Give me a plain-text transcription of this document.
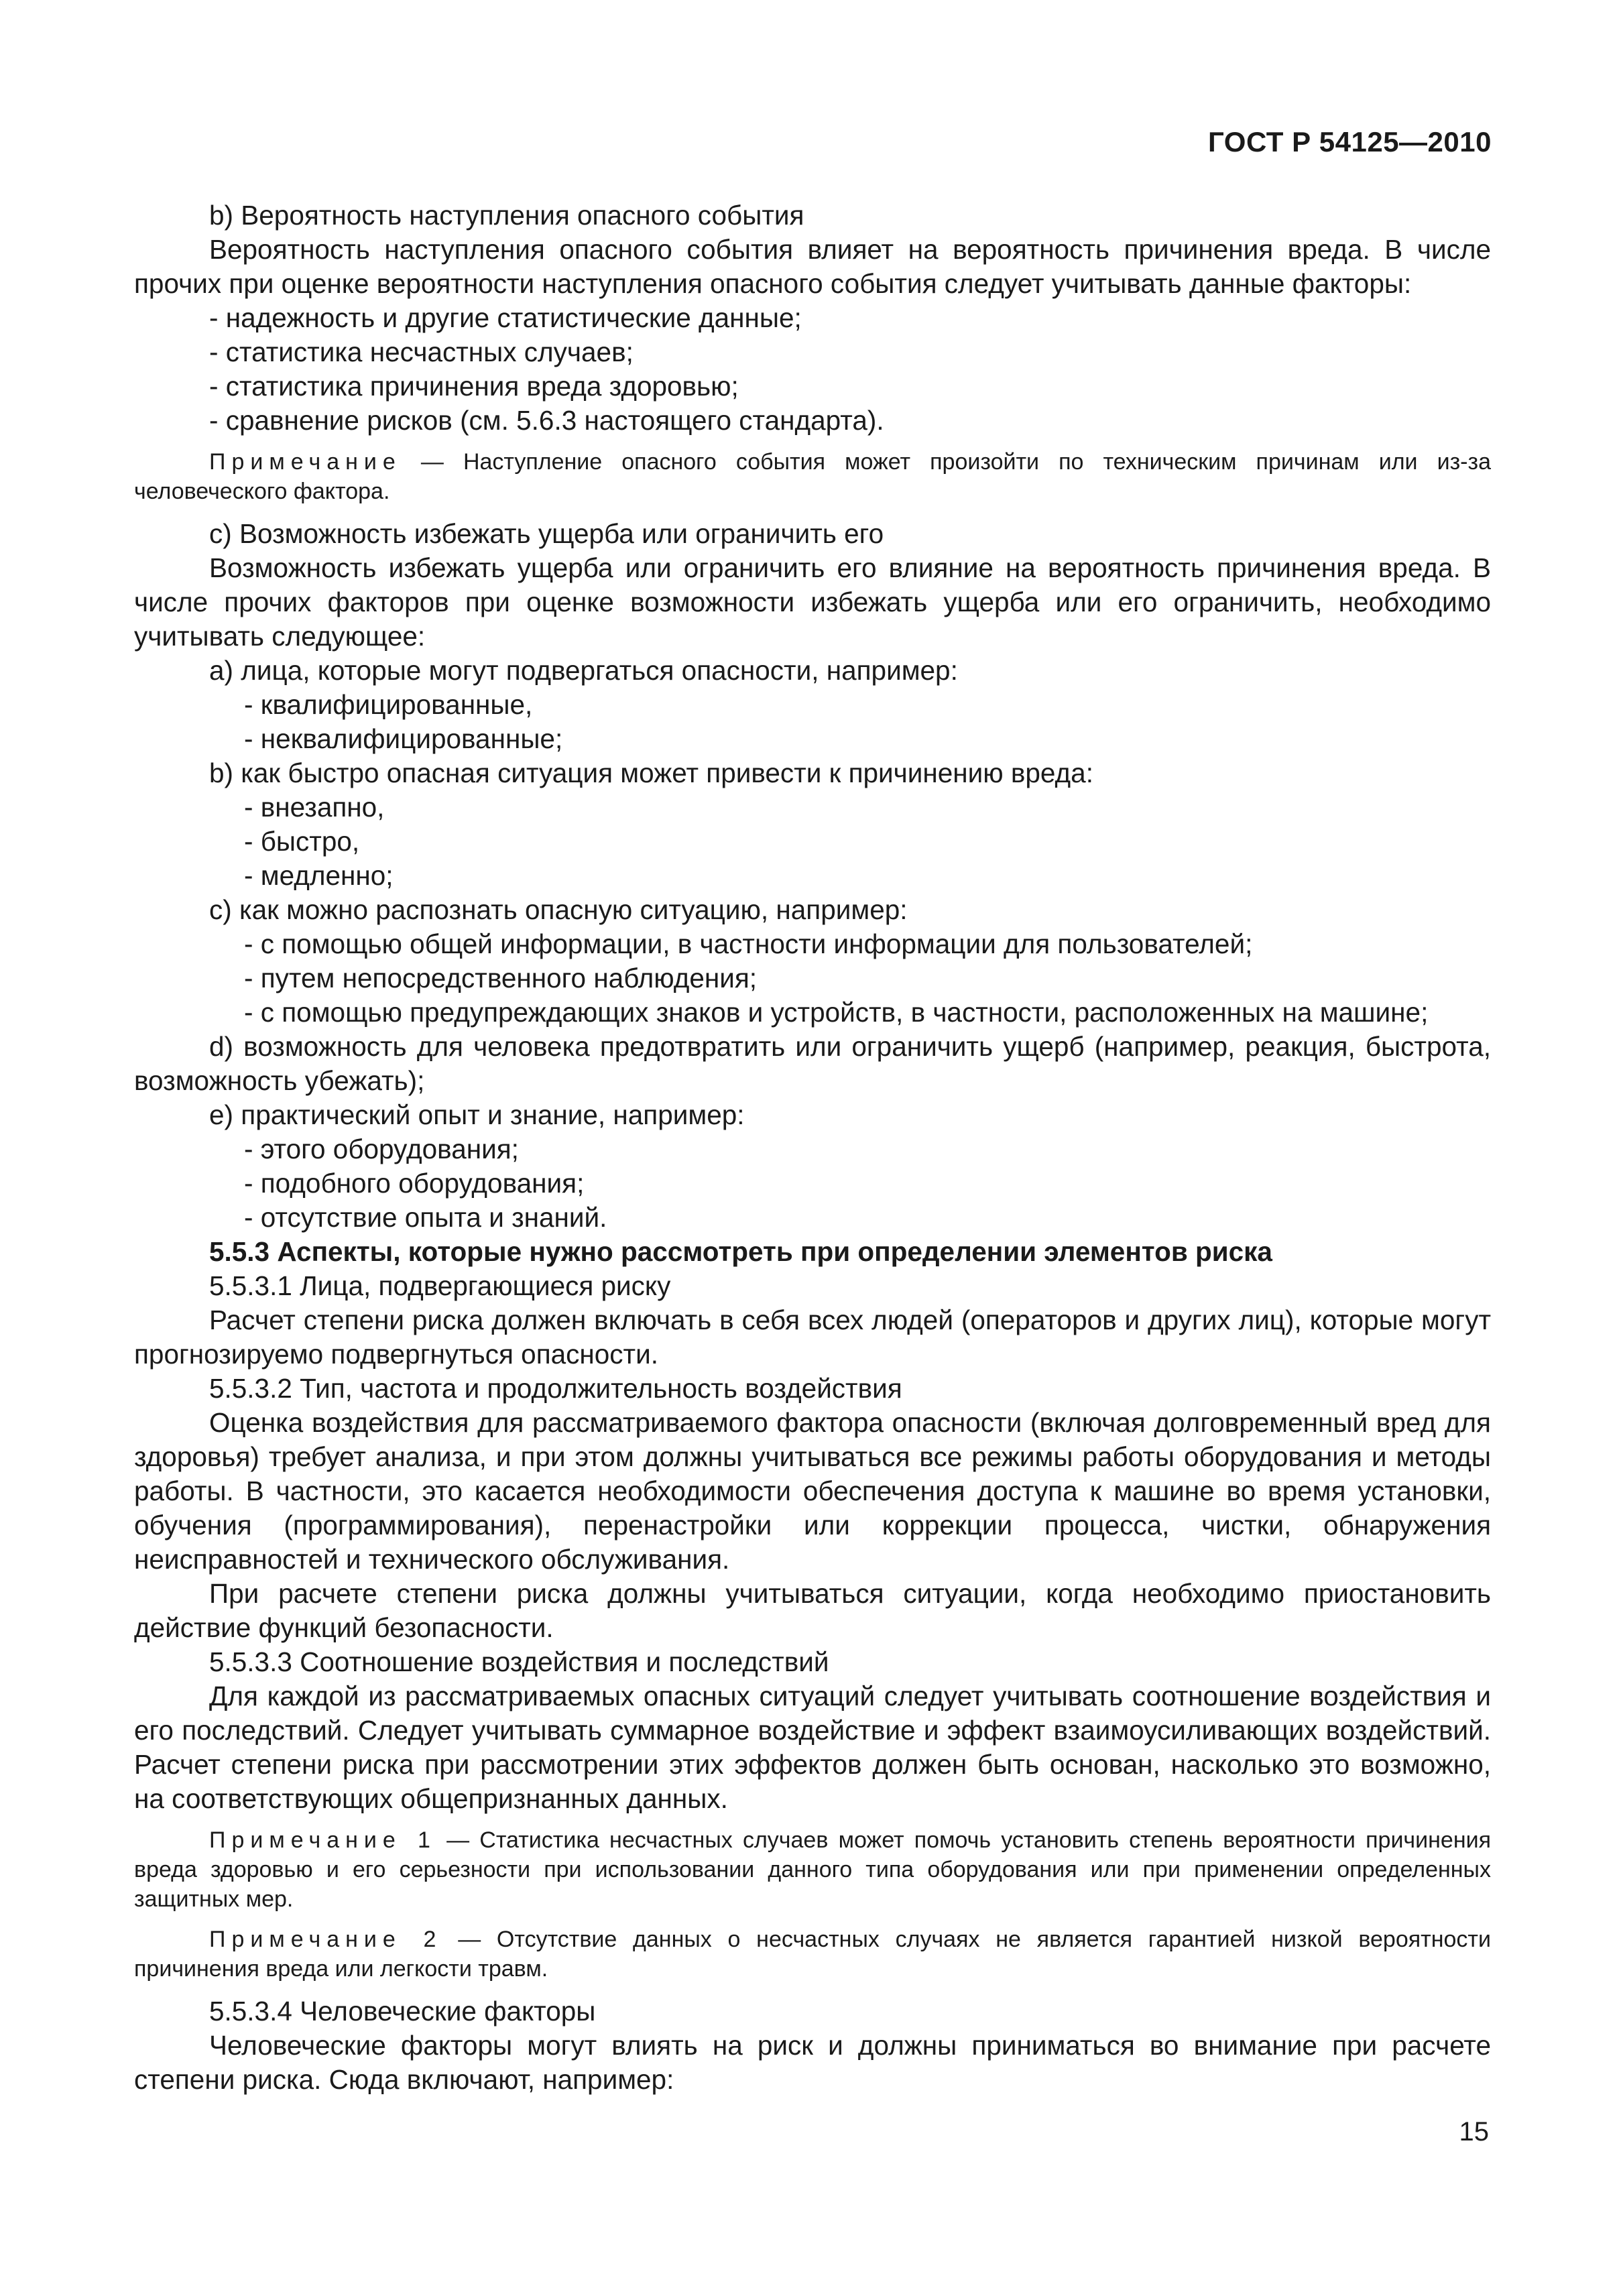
ГОСТ Р 54125—2010

b) Вероятность наступления опасного события

Вероятность наступления опасного события влияет на вероятность причинения вреда. В числе прочих при оценке вероятности наступления опасного события следует учитывать данные факторы:

- надежность и другие статистические данные;

- статистика несчастных случаев;

- статистика причинения вреда здоровью;

- сравнение рисков (см. 5.6.3 настоящего стандарта).

Примечание — Наступление опасного события может произойти по техническим причинам или из-за человеческого фактора.

c) Возможность избежать ущерба или ограничить его

Возможность избежать ущерба или ограничить его влияние на вероятность причинения вреда. В числе прочих факторов при оценке возможности избежать ущерба или его ограничить, необходимо учитывать следующее:

a) лица, которые могут подвергаться опасности, например:

- квалифицированные,

- неквалифицированные;

b) как быстро опасная ситуация может привести к причинению вреда:

- внезапно,

- быстро,

- медленно;

c) как можно распознать опасную ситуацию, например:

- с помощью общей информации, в частности информации для пользователей;

- путем непосредственного наблюдения;

- с помощью предупреждающих знаков и устройств, в частности, расположенных на машине;

d) возможность для человека предотвратить или ограничить ущерб (например, реакция, быстрота, возможность убежать);

e) практический опыт и знание, например:

- этого оборудования;

- подобного оборудования;

- отсутствие опыта и знаний.

5.5.3 Аспекты, которые нужно рассмотреть при определении элементов риска

5.5.3.1 Лица, подвергающиеся риску

Расчет степени риска должен включать в себя всех людей (операторов и других лиц), которые могут прогнозируемо подвергнуться опасности.

5.5.3.2 Тип, частота и продолжительность воздействия

Оценка воздействия для рассматриваемого фактора опасности (включая долговременный вред для здоровья) требует анализа, и при этом должны учитываться все режимы работы оборудования и методы работы. В частности, это касается необходимости обеспечения доступа к машине во время установки, обучения (программирования), перенастройки или коррекции процесса, чистки, обнаружения неисправностей и технического обслуживания.

При расчете степени риска должны учитываться ситуации, когда необходимо приостановить действие функций безопасности.

5.5.3.3 Соотношение воздействия и последствий

Для каждой из рассматриваемых опасных ситуаций следует учитывать соотношение воздействия и его последствий. Следует учитывать суммарное воздействие и эффект взаимоусиливающих воздействий. Расчет степени риска при рассмотрении этих эффектов должен быть основан, насколько это возможно, на соответствующих общепризнанных данных.

Примечание 1 — Статистика несчастных случаев может помочь установить степень вероятности причинения вреда здоровью и его серьезности при использовании данного типа оборудования или при применении определенных защитных мер.

Примечание 2 — Отсутствие данных о несчастных случаях не является гарантией низкой вероятности причинения вреда или легкости травм.

5.5.3.4 Человеческие факторы

Человеческие факторы могут влиять на риск и должны приниматься во внимание при расчете степени риска. Сюда включают, например:

15
